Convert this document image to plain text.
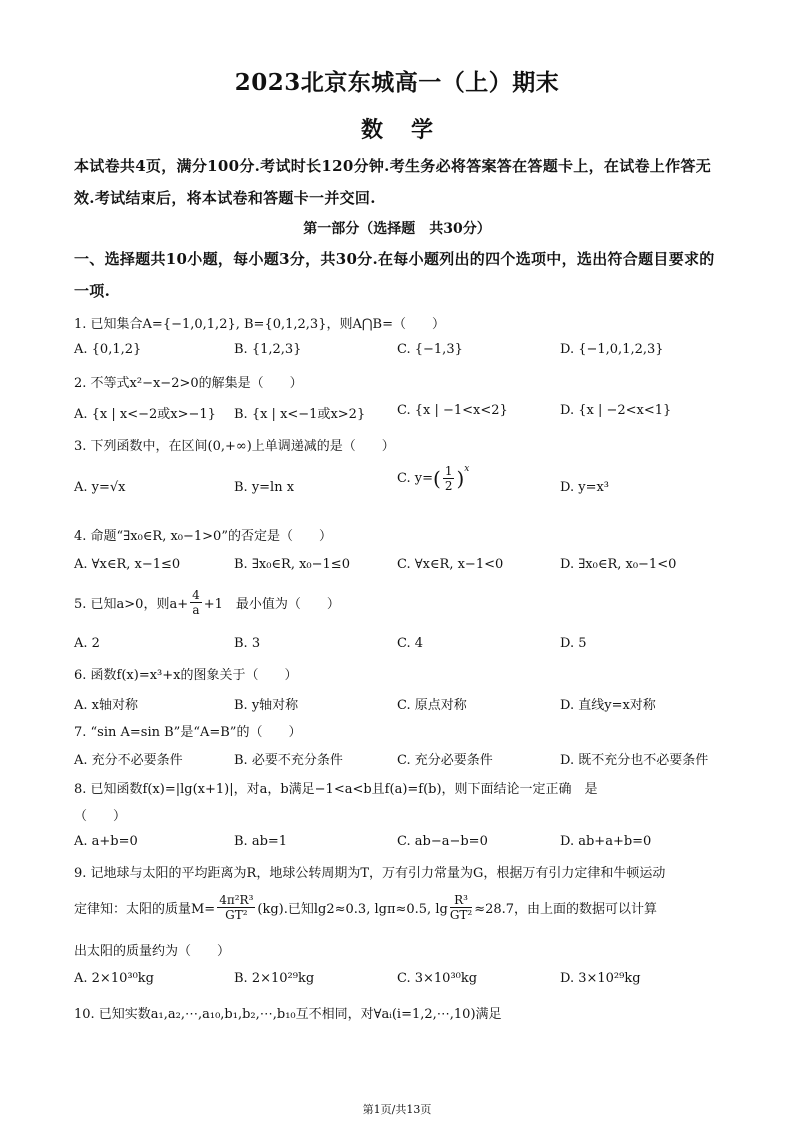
2023北京东城高一（上）期末
数学
本试卷共4页，满分100分.考试时长120分钟.考生务必将答案答在答题卡上，在试卷上作答无效.考试结束后，将本试卷和答题卡一并交回.
第一部分（选择题　共30分）
一、选择题共10小题，每小题3分，共30分.在每小题列出的四个选项中，选出符合题目要求的一项.
1. 已知集合A={−1,0,1,2}, B={0,1,2,3}，则A⋂B=（　　）
A. {0,1,2}	B. {1,2,3}	C. {−1,3}	D. {−1,0,1,2,3}
2. 不等式x²−x−2>0的解集是（　　）
A. {x | x<−2或x>−1} B. {x | x<−1或x>2} C. {x | −1<x<2}	D. {x | −2<x<1}
3. 下列函数中，在区间(0,+∞)上单调递减的是（　　）
A. y=√x	B. y=ln x
C. $y=( \frac{1}{2} )^x$
D. y=x³
4. 命题“∃x₀∈R, x₀−1>0”的否定是（　　）
A. ∀x∈R, x−1≤0	B. ∃x₀∈R, x₀−1≤0	C. ∀x∈R, x−1<0	D. ∃x₀∈R, x₀−1<0
5. 已知a>0，则$a+ \frac{4}{a} +1$　最小值为（　　）
A. 2	B. 3	C. 4	D. 5
6. 函数f(x)=x³+x的图象关于（　　）
A. x轴对称	B. y轴对称	C. 原点对称	D. 直线y=x对称
7. “sin A=sin B”是“A=B”的（　　）
A. 充分不必要条件	B. 必要不充分条件	C. 充分必要条件	D. 既不充分也不必要条件
8. 已知函数f(x)=|lg(x+1)|，对a，b满足−1<a<b且f(a)=f(b)，则下面结论一定正确　是
（　　）
A. a+b=0	B. ab=1	C. ab−a−b=0	D. ab+a+b=0
9. 记地球与太阳的平均距离为R，地球公转周期为T，万有引力常量为G，根据万有引力定律和牛顿运动
定律知：太阳的质量$M= \frac{\text{4π²R³}}{\text{GT²}} (kg)$.已知lg2≈0.3, lgπ≈0.5, $\lg \frac{\text{R³}}{\text{GT²}} \approx 28.7$，由上面的数据可以计算
出太阳的质量约为（　　）
A. 2×10³⁰kg	B. 2×10²⁹kg	C. 3×10³⁰kg	D. 3×10²⁹kg
10. 已知实数a₁,a₂,⋯,a₁₀,b₁,b₂,⋯,b₁₀互不相同，对∀aᵢ(i=1,2,⋯,10)满足
第1页/共13页
